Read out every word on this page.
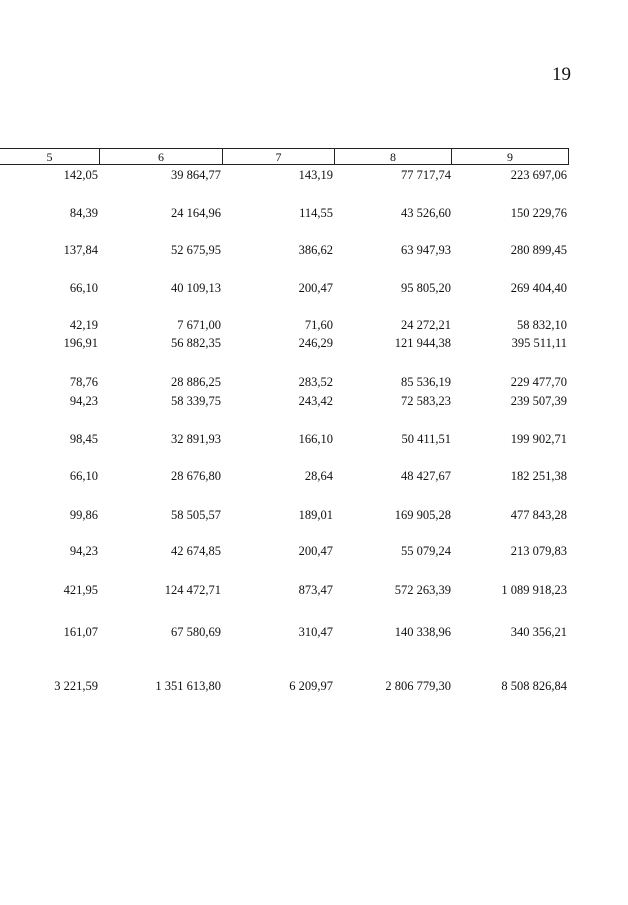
19
5	6	7	8	9
142,05	39 864,77	143,19	77 717,74	223 697,06
84,39	24 164,96	114,55	43 526,60	150 229,76
137,84	52 675,95	386,62	63 947,93	280 899,45
66,10	40 109,13	200,47	95 805,20	269 404,40
42,19	7 671,00	71,60	24 272,21	58 832,10
196,91	56 882,35	246,29	121 944,38	395 511,11
78,76	28 886,25	283,52	85 536,19	229 477,70
94,23	58 339,75	243,42	72 583,23	239 507,39
98,45	32 891,93	166,10	50 411,51	199 902,71
66,10	28 676,80	28,64	48 427,67	182 251,38
99,86	58 505,57	189,01	169 905,28	477 843,28
94,23	42 674,85	200,47	55 079,24	213 079,83
421,95	124 472,71	873,47	572 263,39	1 089 918,23
161,07	67 580,69	310,47	140 338,96	340 356,21
3 221,59	1 351 613,80	6 209,97	2 806 779,30	8 508 826,84
